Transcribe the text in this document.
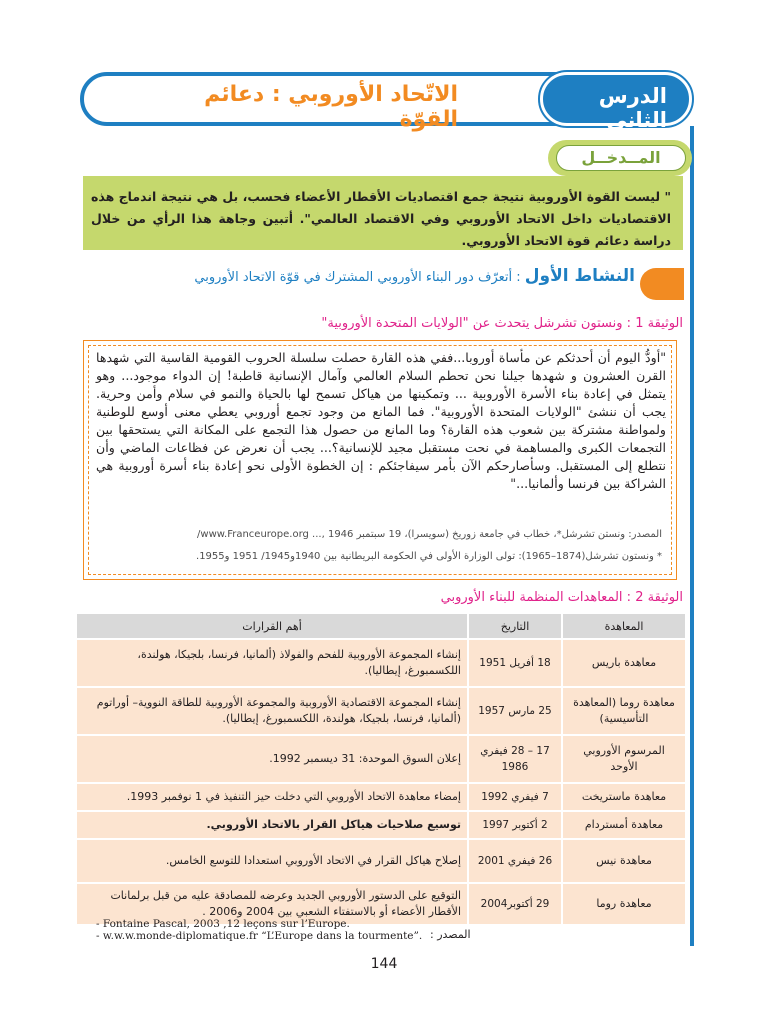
الاتّحاد الأوروبي : دعائم القوّة
الدرس الثاني
المــدخــل

" ليست القوة الأوروبية نتيجة جمع اقتصاديات الأقطار الأعضاء فحسب، بل هي نتيجة اندماج هذه الاقتصاديات داخل الاتحاد الأوروبي وفي الاقتصاد العالمي". أتبين وجاهة هذا الرأي من خلال دراسة دعائم قوة الاتحاد الأوروبي.

النشاط الأول : أتعرّف دور البناء الأوروبي المشترك في قوّة الاتحاد الأوروبي
الوثيقة 1 : ونستون تشرشل يتحدث عن "الولايات المتحدة الأوروبية"

"أودُّ اليوم أن أحدثكم عن مأساة أوروبا...ففي هذه القارة حصلت سلسلة الحروب القومية القاسية التي شهدها القرن العشرون و شهدها جيلنا نحن تحطم السلام العالمي وآمال الإنسانية قاطبة! إن الدواء موجود... وهو يتمثل في إعادة بناء الأسرة الأوروبية ... وتمكينها من هياكل تسمح لها بالحياة والنمو في سلام وأمن وحرية. يجب أن ننشئ "الولايات المتحدة الأوروبية". فما المانع من وجود تجمع أوروبي يعطي معنى أوسع للوطنية ولمواطنة مشتركة بين شعوب هذه القارة؟ وما المانع من حصول هذا التجمع على المكانة التي يستحقها بين التجمعات الكبرى والمساهمة في نحت مستقبل مجيد للإنسانية؟... يجب أن نعرض عن فظاعات الماضي وأن نتطلع إلى المستقبل. وسأصارحكم الآن بأمر سيفاجئكم : إن الخطوة الأولى نحو إعادة بناء أسرة أوروبية هي الشراكة بين فرنسا وألمانيا..."

المصدر: ونستن تشرشل*، خطاب في جامعة زوريخ (سويسرا)، 19 سبتمبر 1946 ,... www.Franceurope.org/
* ونستون تشرشل(1874–1965): تولى الوزارة الأولى في الحكومة البريطانية بين 1940و1945/ 1951 و1955.
الوثيقة 2 : المعاهدات المنظمة للبناء الأوروبي
المعاهدة	التاريخ	أهم القرارات
معاهدة باريس	18 أفريل 1951	إنشاء المجموعة الأوروبية للفحم والفولاذ (ألمانيا، فرنسا، بلجيكا، هولندة، اللكسمبورغ، إيطاليا).
معاهدة روما (المعاهدة التأسيسية)	25 مارس 1957	إنشاء المجموعة الاقتصادية الأوروبية والمجموعة الأوروبية للطاقة النووية– أوراتوم (ألمانيا، فرنسا، بلجيكا، هولندة، اللكسمبورغ، إيطاليا).
المرسوم الأوروبي الأوحد	17 – 28 فيفري 1986	إعلان السوق الموحدة: 31 ديسمبر 1992.
معاهدة ماستريخت	7 فيفري 1992	إمضاء معاهدة الاتحاد الأوروبي التي دخلت حيز التنفيذ في 1 نوفمبر 1993.
معاهدة أمستردام	2 أكتوبر 1997	توسيع صلاحيات هياكل القرار بالاتحاد الأوروبي.
معاهدة نيس	26 فيفري 2001	إصلاح هياكل القرار في الاتحاد الأوروبي استعدادا للتوسع الخامس.
معاهدة روما	29 أكتوبر2004	التوقيع على الدستور الأوروبي الجديد وعرضه للمصادقة عليه من قبل برلمانات الأقطار الأعضاء أو بالاستفتاء الشعبي بين 2004 و2006 .
- Fontaine Pascal, 2003 ,12 leçons sur l’Europe.
- w.w.w.monde-diplomatique.fr “L’Europe dans la tourmente”. المصدر :
144
